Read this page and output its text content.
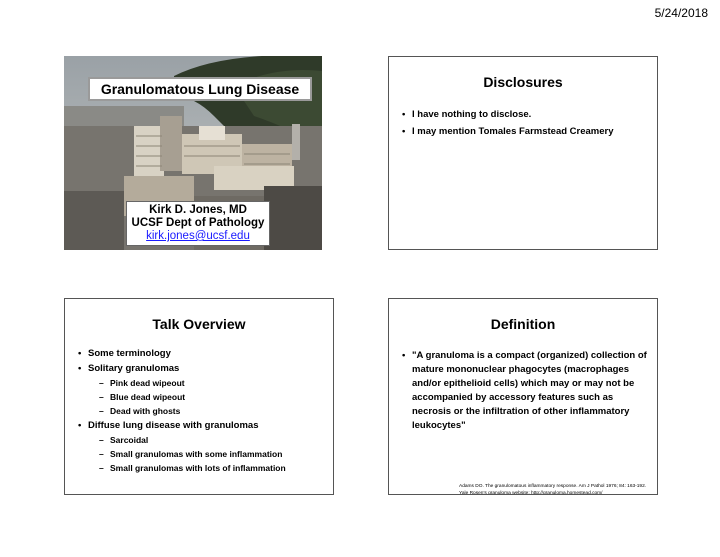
5/24/2018
Granulomatous Lung Disease
Kirk D. Jones, MD
UCSF Dept of Pathology
kirk.jones@ucsf.edu
Disclosures
• I have nothing to disclose.
• I may mention Tomales Farmstead Creamery
Talk Overview
• Some terminology
• Solitary granulomas
– Pink dead wipeout
– Blue dead wipeout
– Dead with ghosts
• Diffuse lung disease with granulomas
– Sarcoidal
– Small granulomas with some inflammation
– Small granulomas with lots of inflammation
Definition
• "A granuloma is a compact (organized) collection of mature mononuclear phagocytes (macrophages and/or epithelioid cells) which may or may not be accompanied by accessory features such as necrosis or the infiltration of other inflammatory leukocytes"
Adams DO. The granulomatous inflammatory response. Am J Pathol 1976; 84: 163-192.
Yale Rosen's granuloma website: http://granuloma.homestead.com/
